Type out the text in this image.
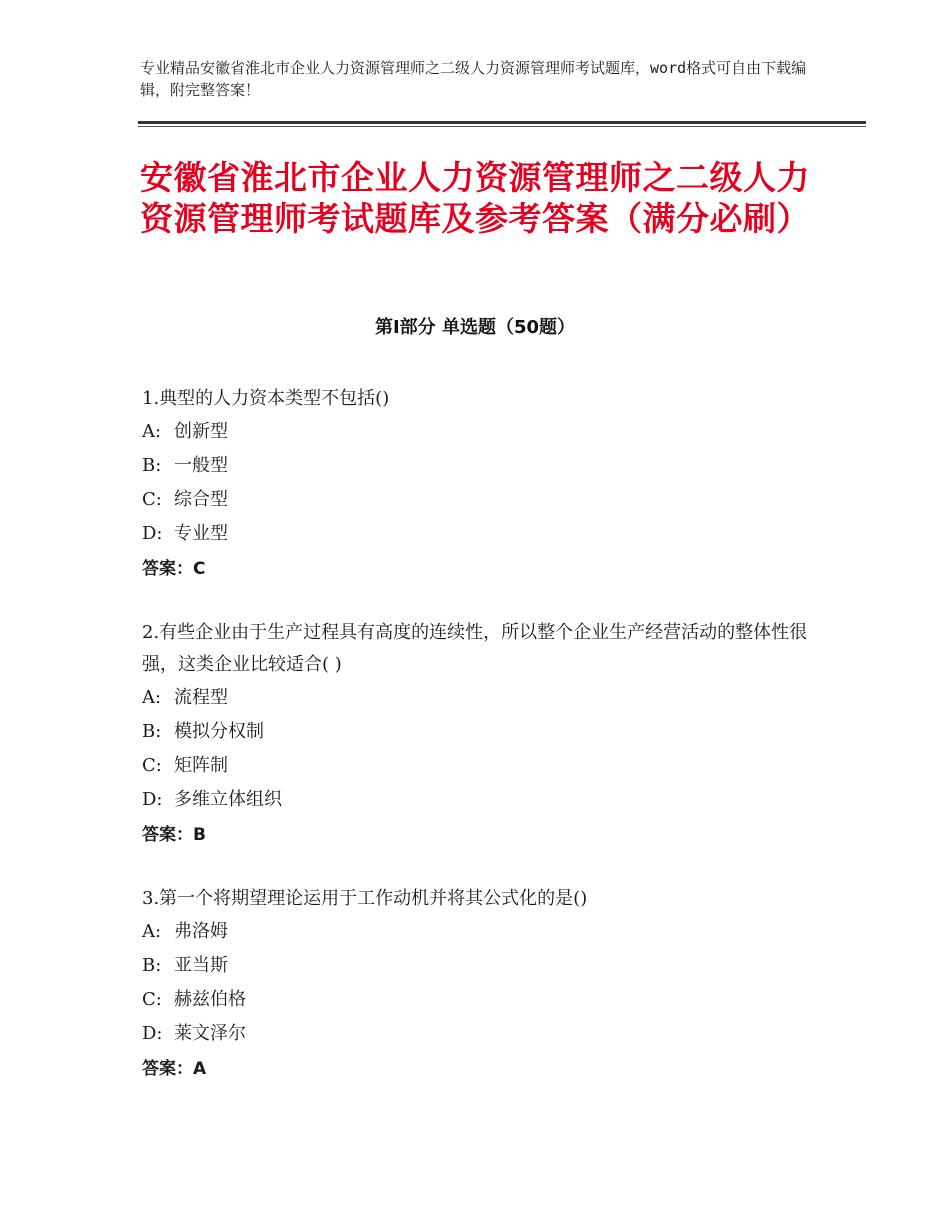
专业精品安徽省淮北市企业人力资源管理师之二级人力资源管理师考试题库，word格式可自由下载编辑，附完整答案！
安徽省淮北市企业人力资源管理师之二级人力资源管理师考试题库及参考答案（满分必刷）
第Ⅰ部分 单选题（50题）

1.典型的人力资本类型不包括()

A: 创新型

B: 一般型

C: 综合型

D: 专业型

答案：C

2.有些企业由于生产过程具有高度的连续性，所以整个企业生产经营活动的整体性很强，这类企业比较适合( )

A: 流程型

B: 模拟分权制

C: 矩阵制

D: 多维立体组织

答案：B

3.第一个将期望理论运用于工作动机并将其公式化的是()

A: 弗洛姆

B: 亚当斯

C: 赫兹伯格

D: 莱文泽尔

答案：A
